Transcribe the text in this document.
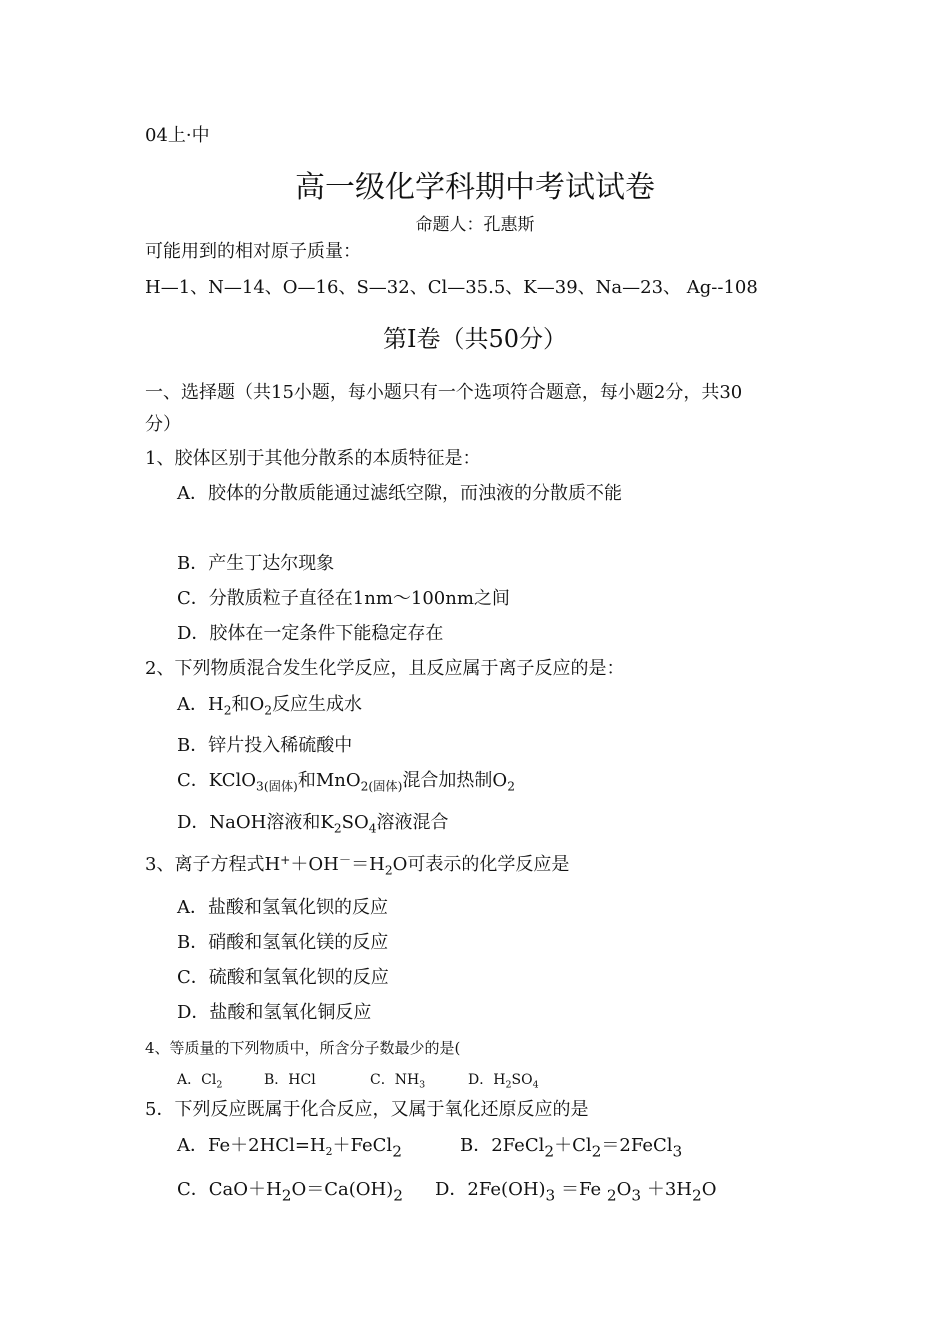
04上·中
高一级化学科期中考试试卷
命题人：孔惠斯
可能用到的相对原子质量：
H—1、N—14、O—16、S—32、Cl—35.5、K—39、Na—23、 Ag--108
第Ⅰ卷（共50分）
一、选择题（共15小题，每小题只有一个选项符合题意，每小题2分，共30
分）
1、胶体区别于其他分散系的本质特征是：
A．胶体的分散质能通过滤纸空隙，而浊液的分散质不能
B．产生丁达尔现象
C．分散质粒子直径在1nm～100nm之间
D．胶体在一定条件下能稳定存在
2、下列物质混合发生化学反应，且反应属于离子反应的是：
A．$H_2$和$O_2$反应生成水
B．锌片投入稀硫酸中
C．KClO$_{3(固体)}$和MnO$_{2(固体)}$混合加热制$O_2$
D．NaOH溶液和$K_2SO_4$溶液混合
3、离子方程式$H^++OH^-=H_2O$可表示的化学反应是
A．盐酸和氢氧化钡的反应
B．硝酸和氢氧化镁的反应
C．硫酸和氢氧化钡的反应
D．盐酸和氢氧化铜反应
4、等质量的下列物质中，所含分子数最少的是(
A．$Cl_2$	B．HCl	C．$NH_3$	D．$H_2SO_4$
5．下列反应既属于化合反应，又属于氧化还原反应的是
A．$Fe+2HCl=H_2+FeCl_2$	B．$2FeCl_2+Cl_2=2FeCl_3$
C．$CaO+H_2O=Ca(OH)_2$ D．$2Fe(OH)_3 =Fe$ $_2O_3 +3H_2O$
